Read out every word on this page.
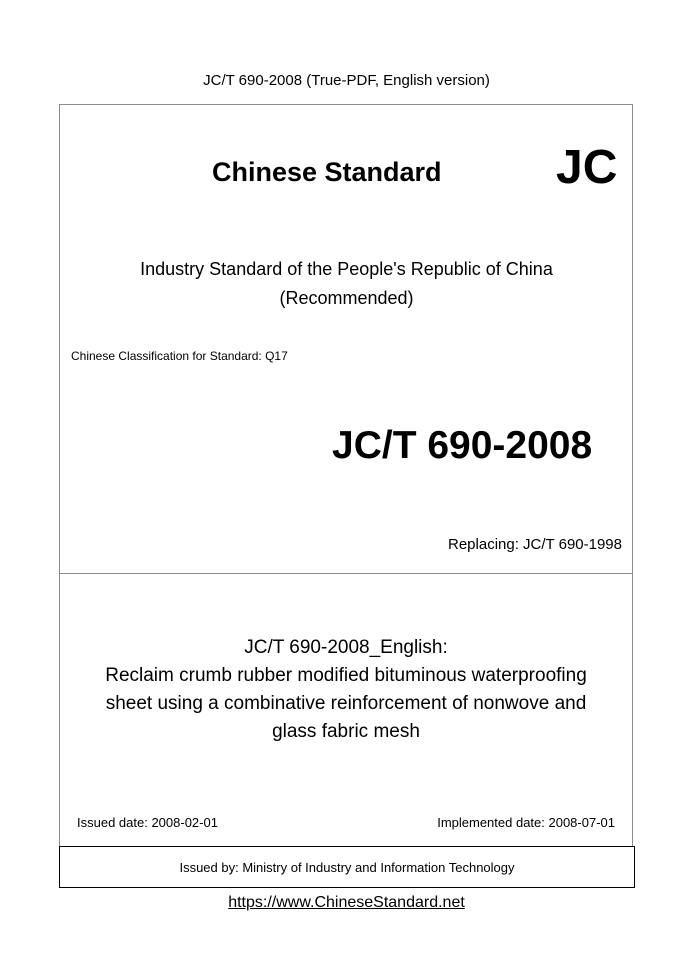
JC/T 690-2008 (True-PDF, English version)
Chinese Standard JC
Industry Standard of the People's Republic of China
(Recommended)
Chinese Classification for Standard: Q17
JC/T 690-2008
Replacing: JC/T 690-1998
JC/T 690-2008_English:
Reclaim crumb rubber modified bituminous waterproofing
sheet using a combinative reinforcement of nonwove and
glass fabric mesh
Issued date: 2008-02-01	Implemented date: 2008-07-01
Issued by: Ministry of Industry and Information Technology
https://www.ChineseStandard.net
